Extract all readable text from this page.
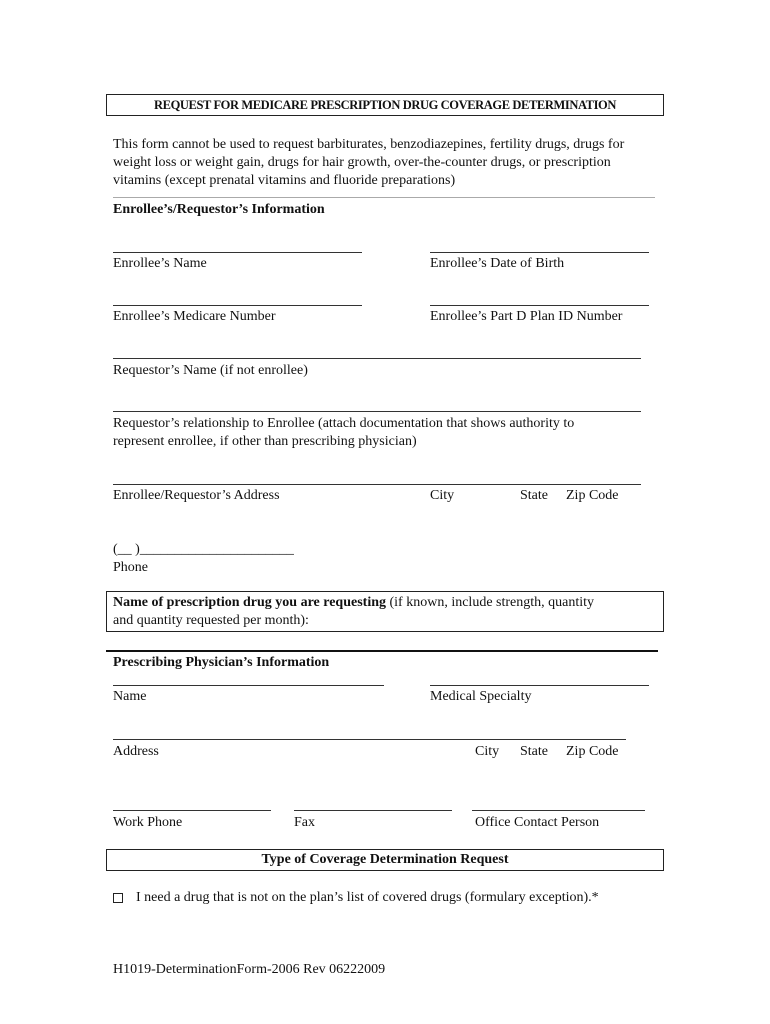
REQUEST FOR MEDICARE PRESCRIPTION DRUG COVERAGE DETERMINATION
This form cannot be used to request barbiturates, benzodiazepines, fertility drugs, drugs for weight loss or weight gain, drugs for hair growth, over-the-counter drugs, or prescription vitamins (except prenatal vitamins and fluoride preparations)
Enrollee’s/Requestor’s Information
Enrollee’s Name	Enrollee’s Date of Birth
Enrollee’s Medicare Number	Enrollee’s Part D Plan ID Number
Requestor’s Name (if not enrollee)
Requestor’s relationship to Enrollee (attach documentation that shows authority to
represent enrollee, if other than prescribing physician)
Enrollee/Requestor’s Address	City	State Zip Code
(__ )______________________
Phone
Name of prescription drug you are requesting (if known, include strength, quantity
and quantity requested per month):
Prescribing Physician’s Information
Name	Medical Specialty
Address	City State Zip Code
Work Phone	Fax	Office Contact Person
Type of Coverage Determination Request
I need a drug that is not on the plan’s list of covered drugs (formulary exception).*
H1019-DeterminationForm-2006 Rev 06222009
